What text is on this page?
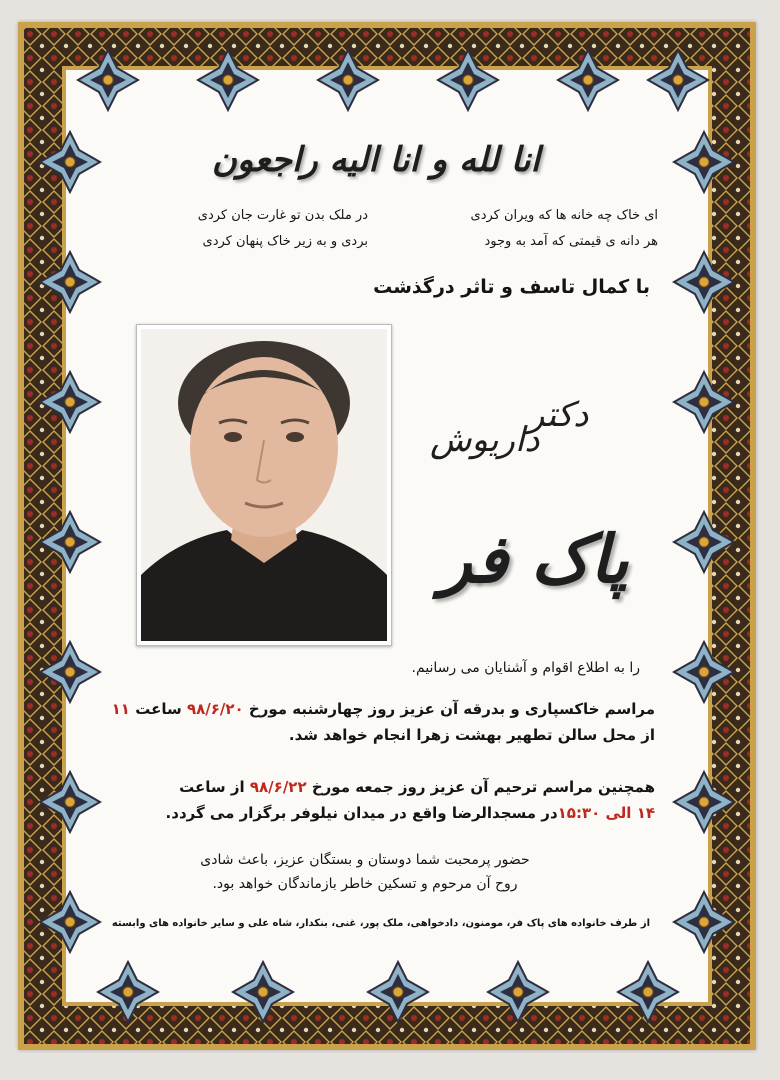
انا لله و انا الیه راجعون
ای خاک چه خانه ها که ویران کردی
هر دانه ی قیمتی که آمد به وجود
در ملک بدن تو غارت جان کردی
بردی و به زیر خاک پنهان کردی
با کمال تاسف و تاثر درگذشت
دکتر
داریوش
پاک فر
را به اطلاع اقوام و آشنایان می رسانیم.
مراسم خاکسپاری و بدرقه آن عزیز روز چهارشنبه مورخ ۹۸/۶/۲۰ ساعت ۱۱
از محل سالن تطهیر بهشت زهرا انجام خواهد شد.
همچنین مراسم ترحیم آن عزیز روز جمعه مورخ ۹۸/۶/۲۲ از ساعت
۱۴ الی ۱۵:۳۰در مسجدالرضا واقع در میدان نیلوفر برگزار می گردد.
حضور پرمحبت شما دوستان و بستگان عزیز، باعث شادی
روح آن مرحوم و تسکین خاطر بازماندگان خواهد بود.
از طرف خانواده های پاک فر، مومنون، دادخواهی، ملک پور، غنی، بنکدار، شاه علی و سایر خانواده های وابسته
